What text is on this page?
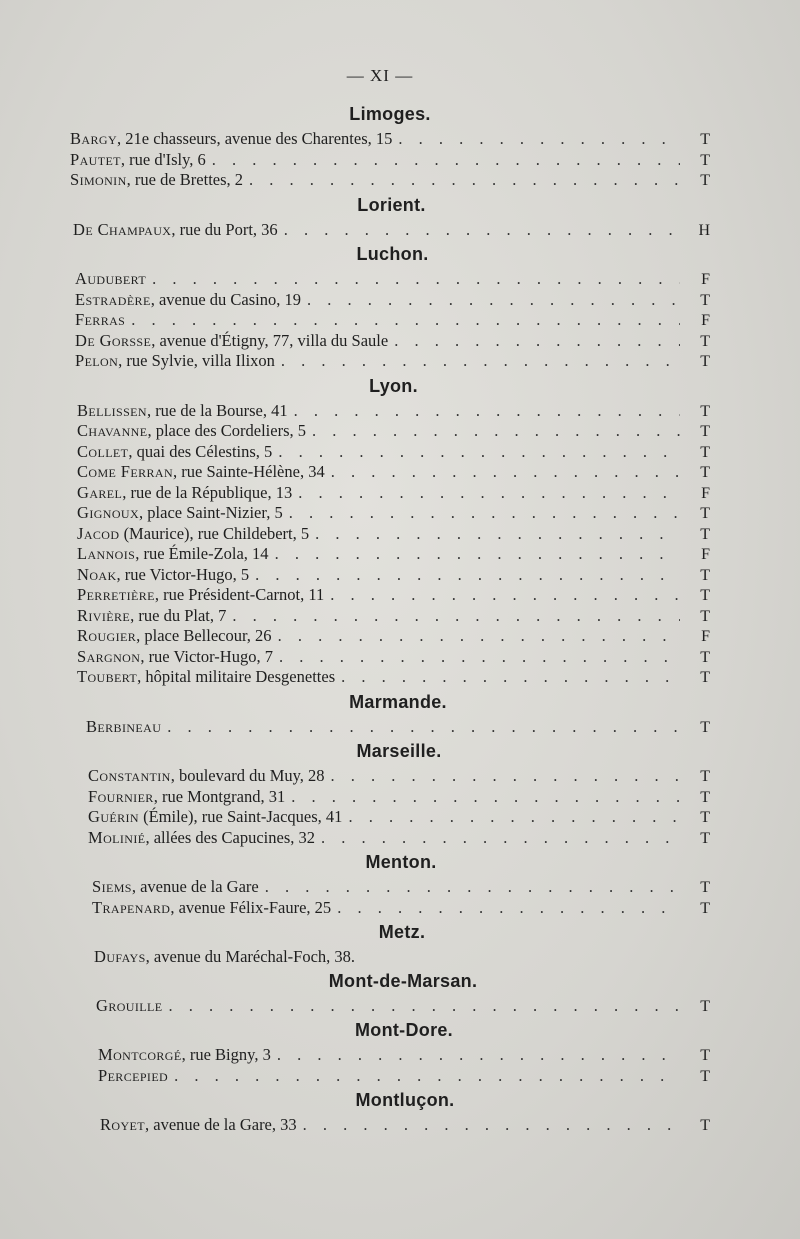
— XI —
Limoges.
Bargy, 21e chasseurs, avenue des Charentes, 15 . . .	T
Pautet, rue d'Isly, 6 . . .	T
Simonin, rue de Brettes, 2 . . .	T
Lorient.
De Champaux, rue du Port, 36 . . .	H
Luchon.
Audubert . . .	F
Estradère, avenue du Casino, 19 . . .	T
Ferras . . .	F
De Gorsse, avenue d'Étigny, 77, villa du Saule . . .	T
Pelon, rue Sylvie, villa Ilixon . . .	T
Lyon.
Bellissen, rue de la Bourse, 41 . . .	T
Chavanne, place des Cordeliers, 5 . . .	T
Collet, quai des Célestins, 5 . . .	T
Come Ferran, rue Sainte-Hélène, 34 . . .	T
Garel, rue de la République, 13 . . .	F
Gignoux, place Saint-Nizier, 5 . . .	T
Jacod (Maurice), rue Childebert, 5 . . .	T
Lannois, rue Émile-Zola, 14 . . .	F
Noak, rue Victor-Hugo, 5 . . .	T
Perretière, rue Président-Carnot, 11 . . .	T
Rivière, rue du Plat, 7 . . .	T
Rougier, place Bellecour, 26 . . .	F
Sargnon, rue Victor-Hugo, 7 . . .	T
Toubert, hôpital militaire Desgenettes . . .	T
Marmande.
Berbineau . . .	T
Marseille.
Constantin, boulevard du Muy, 28 . . .	T
Fournier, rue Montgrand, 31 . . .	T
Guérin (Émile), rue Saint-Jacques, 41 . . .	T
Molinié, allées des Capucines, 32 . . .	T
Menton.
Siems, avenue de la Gare . . .	T
Trapenard, avenue Félix-Faure, 25 . . .	T
Metz.
Dufays, avenue du Maréchal-Foch, 38.
Mont-de-Marsan.
Grouille . . .	T
Mont-Dore.
Montcorgé, rue Bigny, 3 . . .	T
Percepied . . .	T
Montluçon.
Royet, avenue de la Gare, 33 . . .	T
